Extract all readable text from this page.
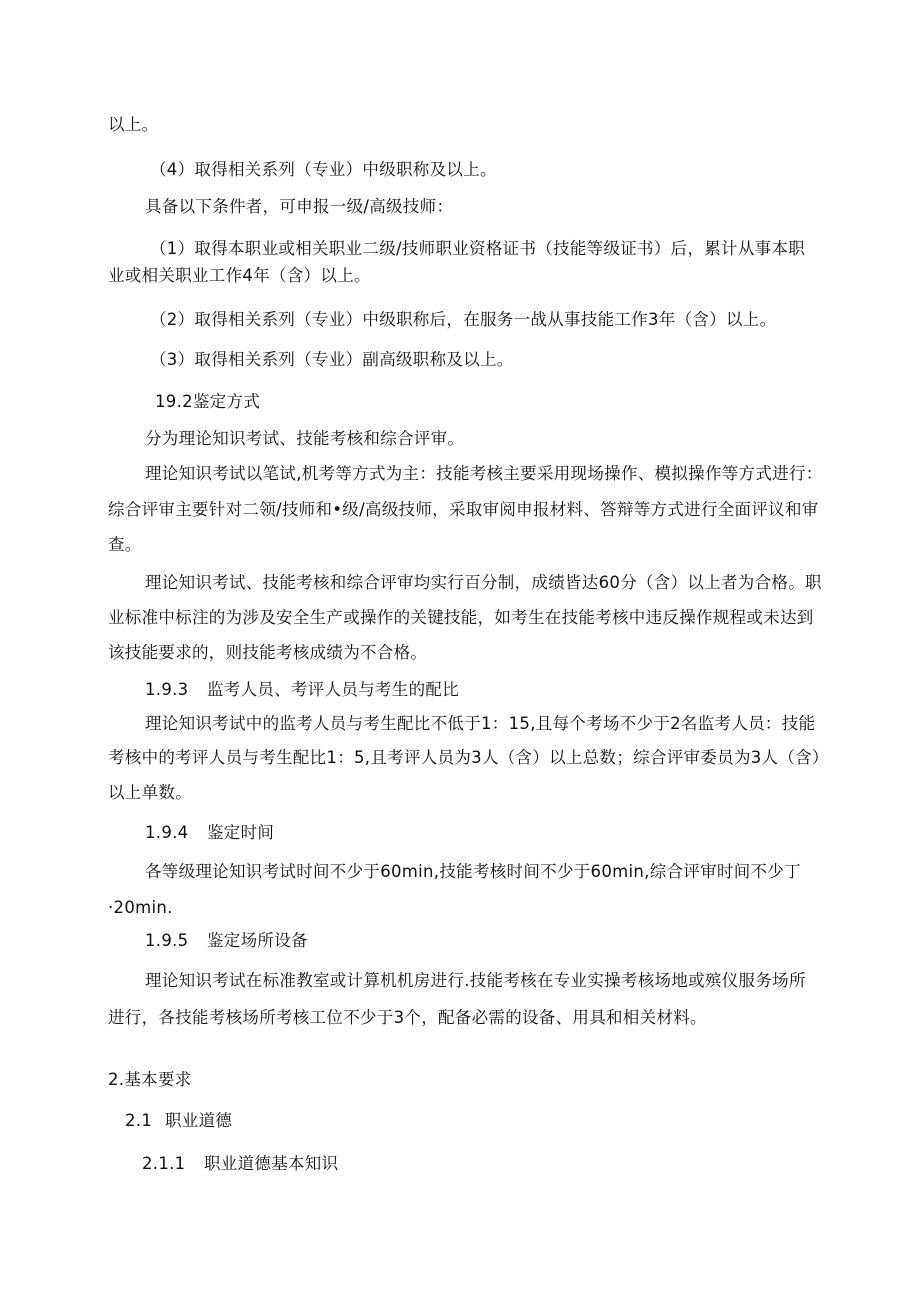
以上。

（4）取得相关系列（专业）中级职称及以上。

具备以下条件者，可申报一级/高级技师：

（1）取得本职业或相关职业二级/技师职业资格证书（技能等级证书）后，累计从事本职

业或相关职业工作4年（含）以上。

（2）取得相关系列（专业）中级职称后，在服务一战从事技能工作3年（含）以上。

（3）取得相关系列（专业）副高级职称及以上。

19.2鉴定方式

分为理论知识考试、技能考核和综合评审。

理论知识考试以笔试,机考等方式为主：技能考核主要采用现场操作、模拟操作等方式进行：

综合评审主要针对二领/技师和•级/高级技师，采取审阅申报材料、答辩等方式进行全面评议和审

查。

理论知识考试、技能考核和综合评审均实行百分制，成绩皆达60分（含）以上者为合格。职

业标准中标注的为涉及安全生产或操作的关键技能，如考生在技能考核中违反操作规程或未达到

该技能要求的，则技能考核成绩为不合格。

1.9.3 监考人员、考评人员与考生的配比

理论知识考试中的监考人员与考生配比不低于1：15,且每个考场不少于2名监考人员：技能

考核中的考评人员与考生配比1：5,且考评人员为3人（含）以上总数；综合评审委员为3人（含）

以上单数。

1.9.4 鉴定时间

各等级理论知识考试时间不少于60min,技能考核时间不少于60min,综合评审时间不少丁

·20min.

1.9.5 鉴定场所设备

理论知识考试在标准教室或计算机机房进行.技能考核在专业实操考核场地或殡仪服务场所

进行，各技能考核场所考核工位不少于3个，配备必需的设备、用具和相关材料。

2.基本要求

2.1 职业道德

2.1.1 职业道德基本知识
